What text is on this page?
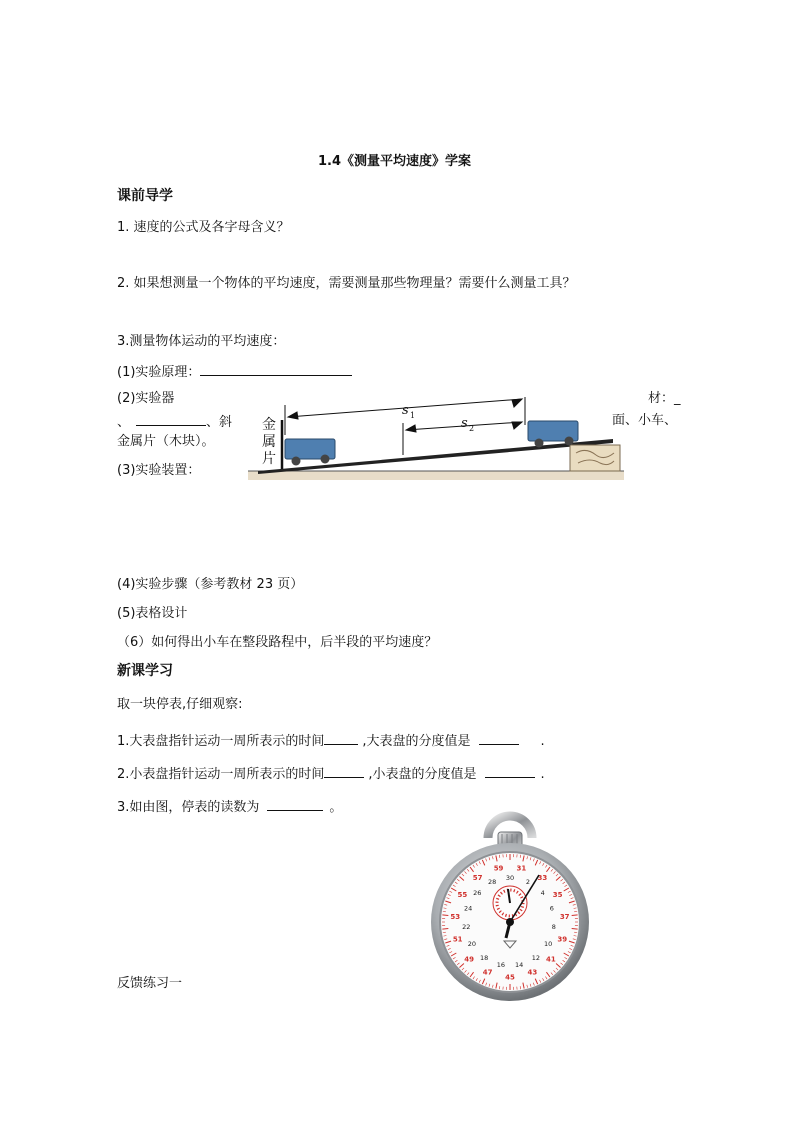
1.4《测量平均速度》学案
课前导学
1. 速度的公式及各字母含义？
2. 如果想测量一个物体的平均速度，需要测量那些物理量？需要什么测量工具？
3.测量物体运动的平均速度：
(1)实验原理：
(2)实验器	材：_
、	、斜	面、小车、
金属片（木块）。
(3)实验装置：
金
属
片
s 1
s 2
(4)实验步骤（参考教材 23 页）
(5)表格设计
（6）如何得出小车在整段路程中，后半段的平均速度？
新课学习
取一块停表,仔细观察:
1.大表盘指针运动一周所表示的时间	,大表盘的分度值是	.
2.小表盘指针运动一周所表示的时间	,小表盘的分度值是	.
3.如由图，停表的读数为	。
31
33
35
37
39
41
43
45
47
49
51
53
55
57
59
30 2
4
6
8
10
12
14
16
18
20
22
24
26
28
反馈练习一
